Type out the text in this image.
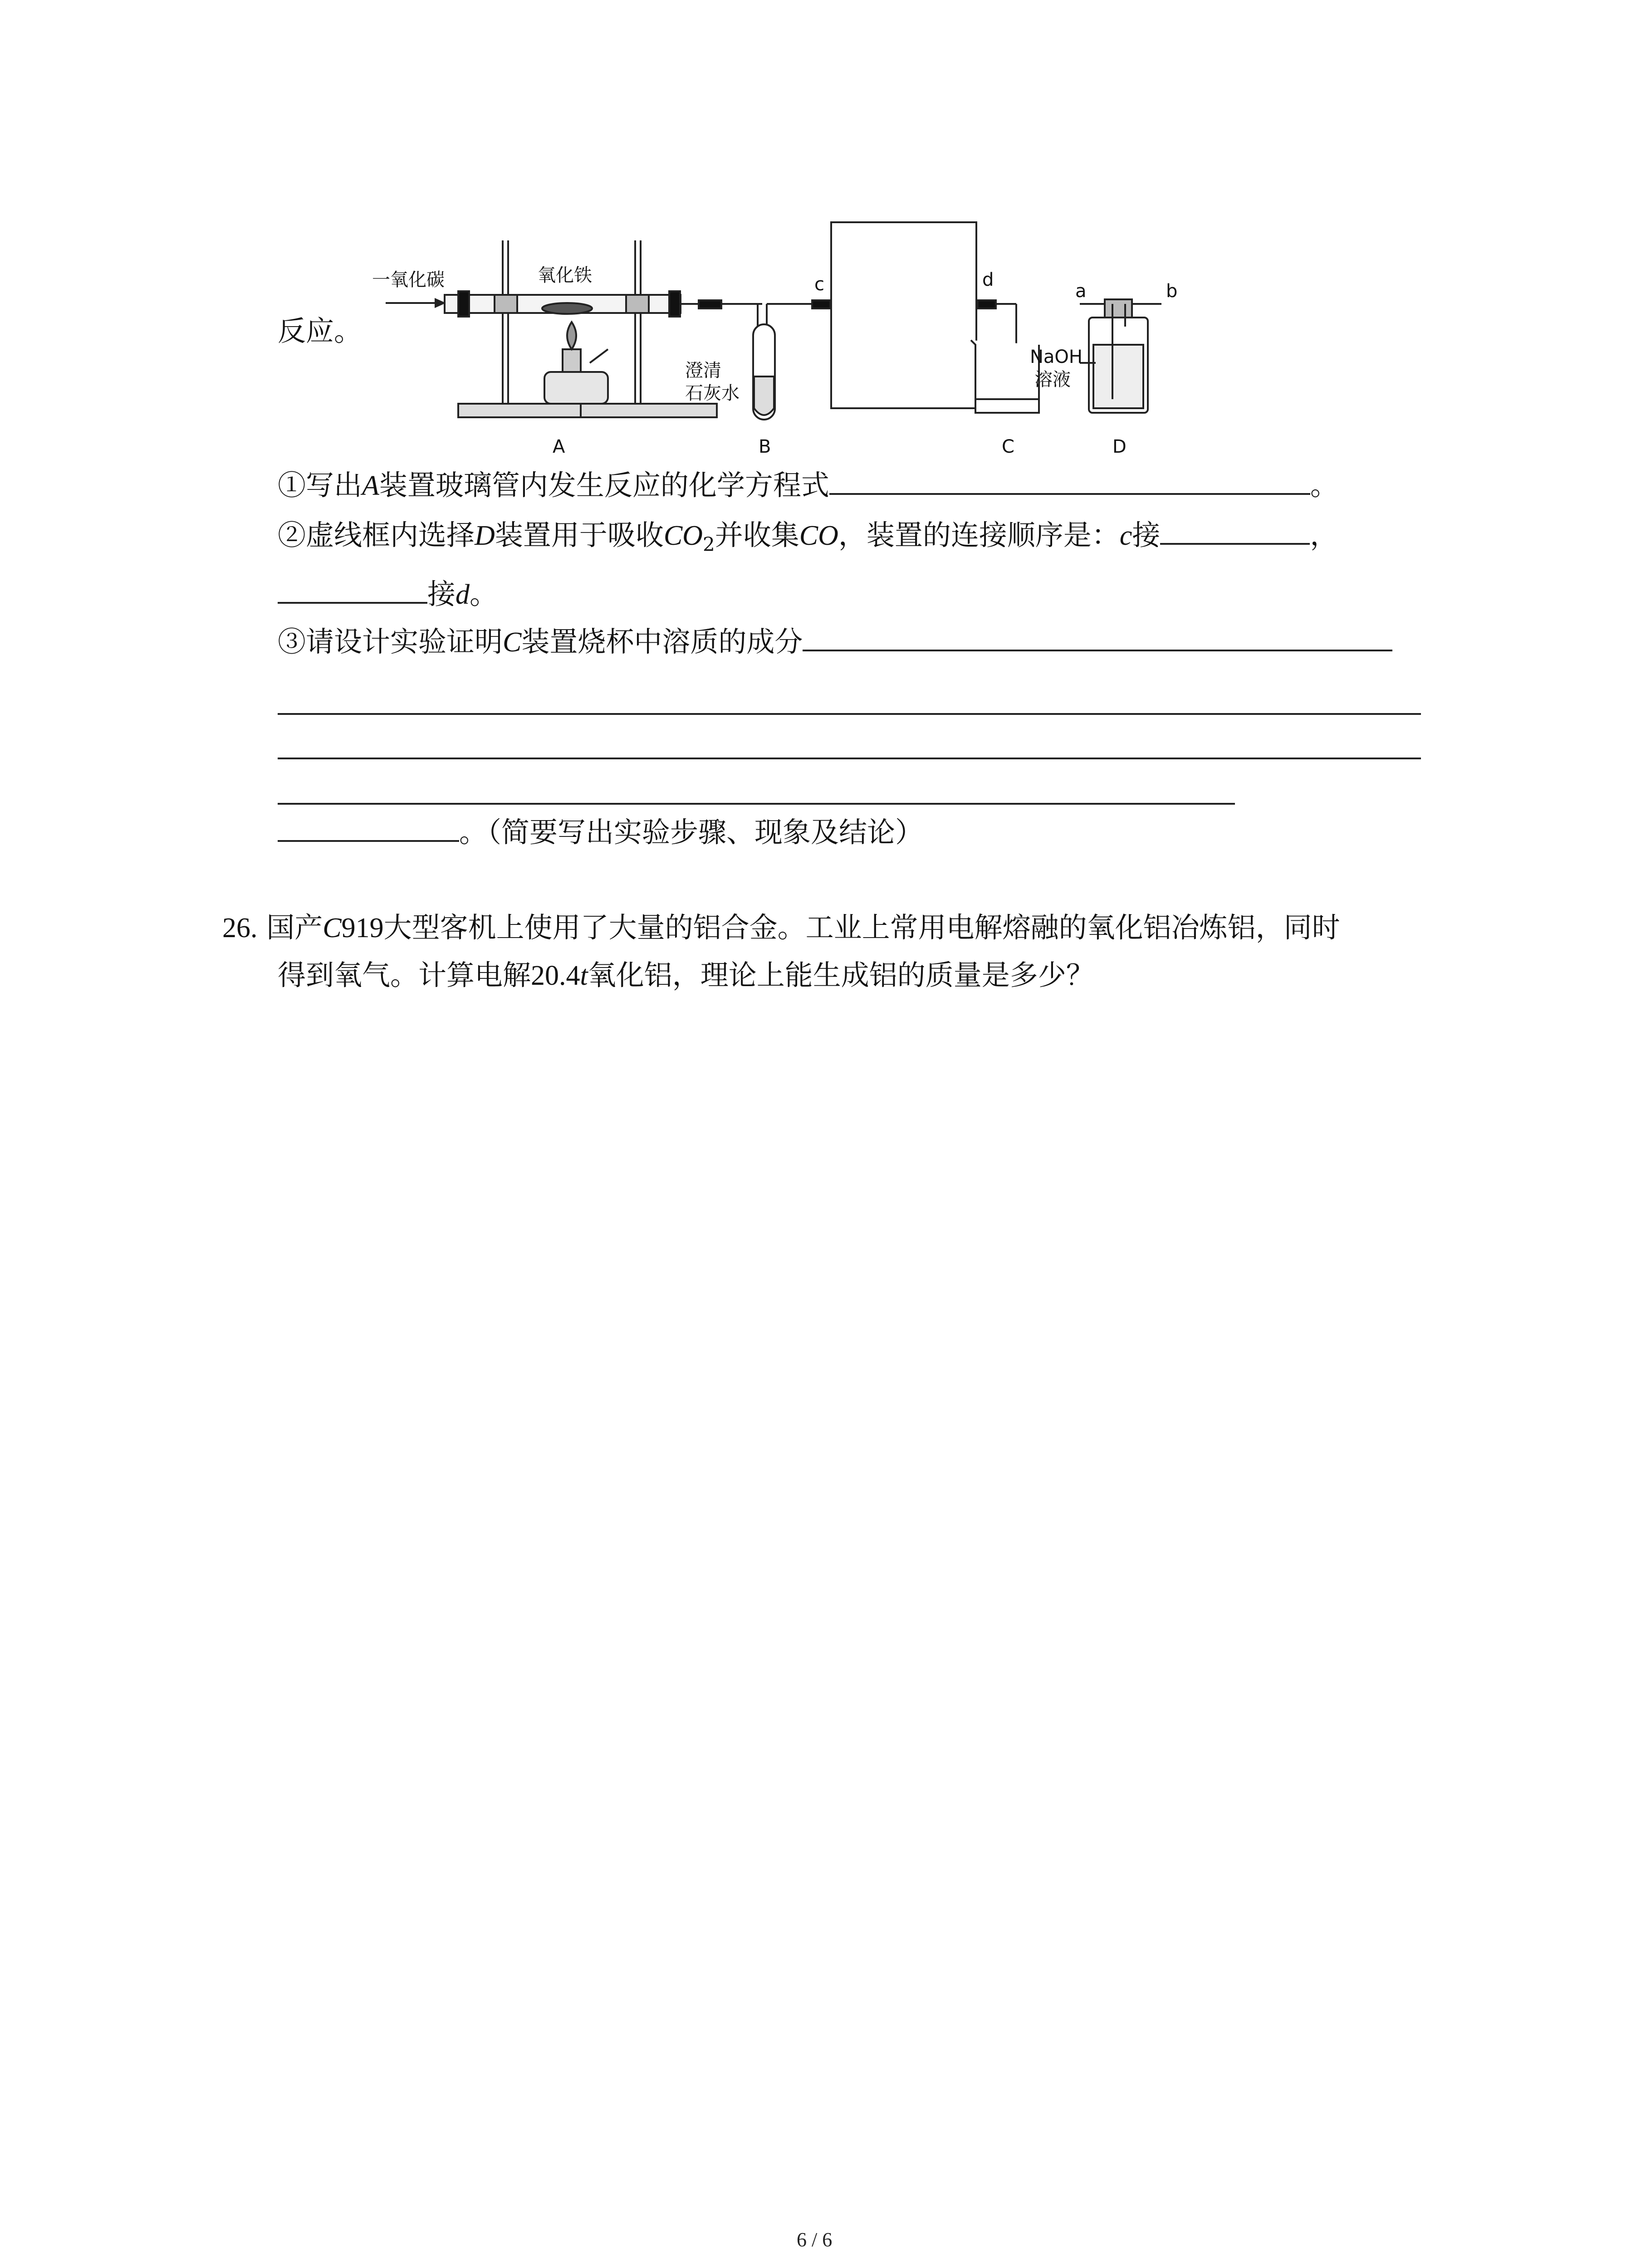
反应。
一氧化碳	氧化铁	c	d
a	b
澄清
石灰水
NaOH
溶液
A	B	C	D
①写出A装置玻璃管内发生反应的化学方程式	。
②虚线框内选择D装置用于吸收$CO_2$并收集CO，装置的连接顺序是：c接	，
接d。
③请设计实验证明C装置烧杯中溶质的成分
。（简要写出实验步骤、现象及结论）
26. 国产C919大型客机上使用了大量的铝合金。工业上常用电解熔融的氧化铝冶炼铝，同时
得到氧气。计算电解20.4t氧化铝，理论上能生成铝的质量是多少？
6 / 6
